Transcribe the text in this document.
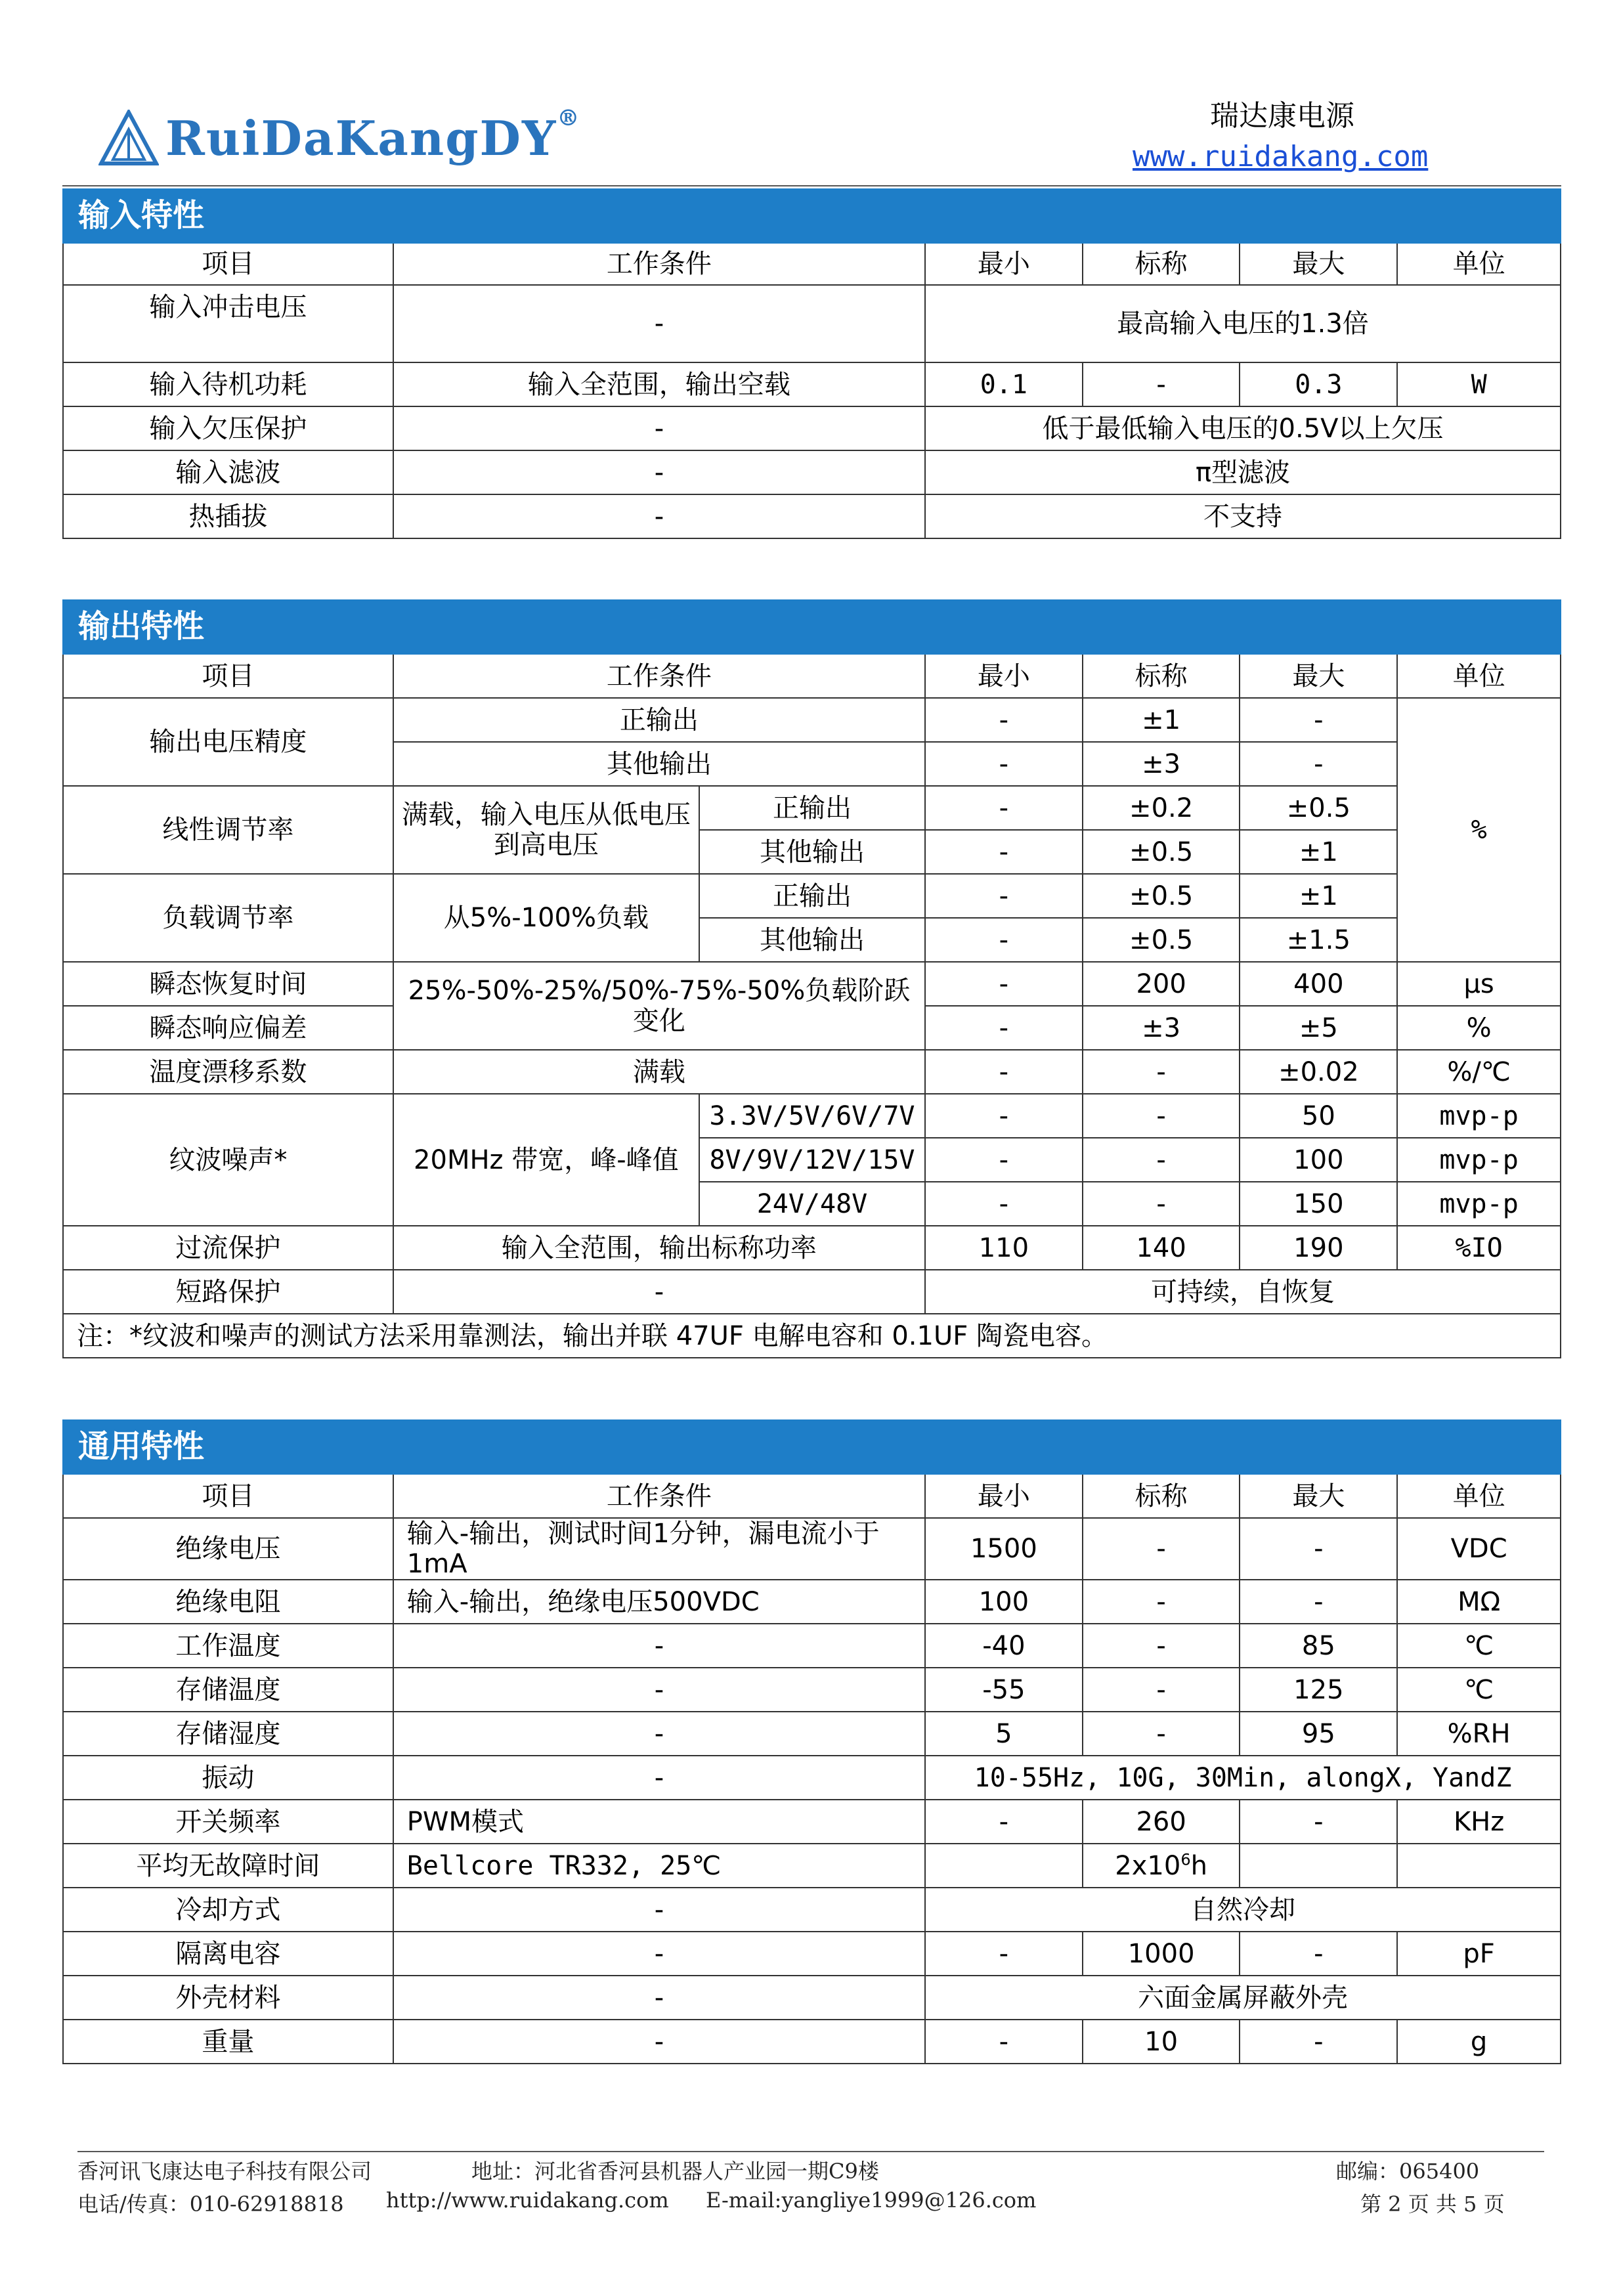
RuiDaKangDY®	瑞达康电源
www.ruidakang.com
输入特性					
项目	工作条件	最小	标称	最大	单位
输入冲击电压	-	最高输入电压的1.3倍			
输入待机功耗	输入全范围，输出空载	0.1	-	0.3	W
输入欠压保护	-	低于最低输入电压的0.5V以上欠压			
输入滤波	-	π型滤波			
热插拔	-	不支持			
输出特性						
项目	工作条件		最小	标称	最大	单位
输出电压精度	正输出		-	±1	-	%
	其他输出		-	±3	-	
线性调节率	满载，输入电压从低电压到高电压	正输出	-	±0.2	±0.5	
		其他输出	-	±0.5	±1	
负载调节率	从5%-100%负载	正输出	-	±0.5	±1	
		其他输出	-	±0.5	±1.5	
瞬态恢复时间	25%-50%-25%/50%-75%-50%负载阶跃变化		-	200	400	μs
瞬态响应偏差			-	±3	±5	%
温度漂移系数	满载		-	-	±0.02	%/℃
纹波噪声*	20MHz 带宽，峰-峰值	3.3V/5V/6V/7V	-	-	50	mvp-p
		8V/9V/12V/15V	-	-	100	mvp-p
		24V/48V	-	-	150	mvp-p
过流保护	输入全范围，输出标称功率		110	140	190	%IO
短路保护	-		可持续，自恢复			
注：*纹波和噪声的测试方法采用靠测法，输出并联 47UF 电解电容和 0.1UF 陶瓷电容。						
通用特性					
项目	工作条件	最小	标称	最大	单位
绝缘电压	输入-输出，测试时间1分钟，漏电流小于1mA	1500	-	-	VDC
绝缘电阻	输入-输出，绝缘电压500VDC	100	-	-	MΩ
工作温度	-	-40	-	85	℃
存储温度	-	-55	-	125	℃
存储湿度	-	5	-	95	%RH
振动	-	10-55Hz, 10G, 30Min, alongX, YandZ			
开关频率	PWM模式	-	260	-	KHz
平均无故障时间	Bellcore TR332, 25℃		$2x10^6h$		
冷却方式	-	自然冷却			
隔离电容	-	-	1000	-	pF
外壳材料	-	六面金属屏蔽外壳			
重量	-	-	10	-	g
香河讯飞康达电子科技有限公司	地址：河北省香河县机器人产业园一期C9楼	邮编：065400
电话/传真：010-62918818 http://www.ruidakang.com E-mail:yangliye1999@126.com	第 2 页 共 5 页
